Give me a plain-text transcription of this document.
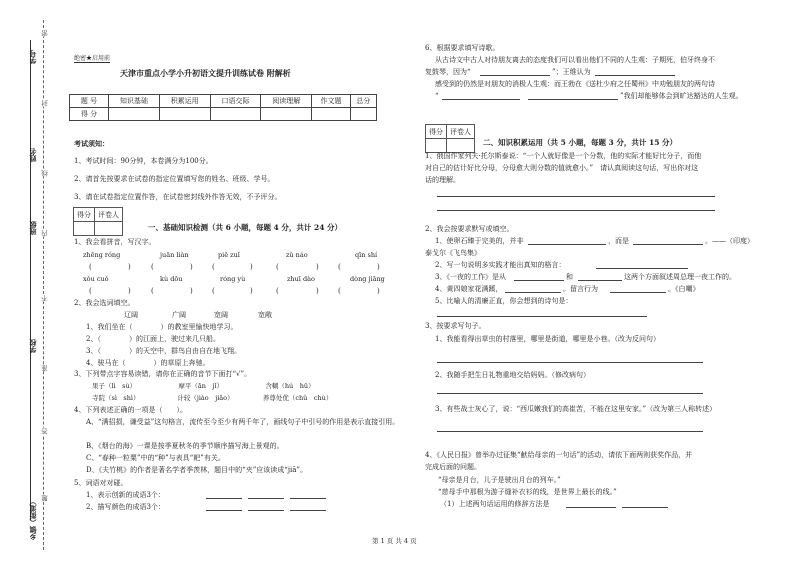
学号
姓名
班级
学校
乡镇（街道）
密
封
线
内
不
准
答
题
绝密★启用前
天津市重点小学小升初语文提升训练试卷 附解析
题 号	知识基础	积累运用	口语交际	阅读理解	作文题	总分
得 分						
考试须知：
1、考试时间：90分钟，本卷满分为100分。
2、请首先按要求在试卷的指定位置填写您的姓名、班级、学号。
3、请在试卷指定位置作答，在试卷密封线外作答无效，不予评分。
得分	评卷人

一、基础知识检测（共 6 小题，每题 4 分，共计 24 分）
1、我会看拼音，写汉字。
zhēng róng	juān liàn	piē zuǐ	zǔ náo	qīn shí
(	)	(	)	(	)	(	)	(	)
xǒu cuǒ	kù dōu	róng yù	zhuī dào	dòng jiāng
(	)	(	)	(	)	(	)	(	)
2、我会选词填空。
辽阔	广阔	宽阔	宽敞
1、我们坐在（　　　　）的教室里愉快地学习。
2、（　　　　）的江面上，驶过来几只船。
3、（　　　　）的天空中，群鸟自由自在地飞翔。
4、骏马在（　　　　）的草原上奔驰。
3、下列带点字容易读错，请你在正确的音节下面打“√”。
果子（lì　sù）　　　　　　　摩平（ān　jǐ）　　　　　　　含糊（hú　hū）
寺院（sì　shì）　　　　　　 计较（jiào　jiǎo）　　　　　养尊处优（chǔ　chù）
4、下列表述正确的一项是（　　）。
A、“满招损，谦受益”这句格言，流传至今至少有两千年了，画线句子中引号的作用是表示直接引用。
B、《烟台的海》一课是按季夏秋冬的季节顺序描写海上景观的。
C、“春种一粒粟”中的“种”与表具“耙”有关。
D、《夫竹桃》的作者是著名学者季羡林，题目中的“夹”应该读成“jiā”。
5、词语对对碰。
1、表示创新的成语3个：
2、描写颜色的成语3个：
6、根据要求填写诗歌。
从古诗文中古人对待朋友离去的态度我们可以看出他们不同的人生观：子期死，伯牙终身不
复鼓琴，因为“	”；王维认为
感受到的仍然是对朋友的消极人生观：而王勃在《送杜少府之任蜀州》中劝勉朋友的两句诗
“	”我们却能够体会到旷达豁达的人生观。
得分	评卷人

二、知识积累运用（共 5 小题，每题 3 分，共计 15 分）
1、俄国作家列夫·托尔斯泰说：“一个人就好像是一个分数，他的实际才能好比分子，而他
对自己的估计好比分母，分母愈大则分数的值就愈小。”　请认真阅读这句话，写出你对这
话的理解。
2、我会按要求默写或填空。
1、使卵石臻于完美的，并非	，而是	。——（印度）
泰戈尔《飞鸟集》
2、写一句说明多实践才能出真知的格言：
3、《一夜的工作》是从	和	这两个方面叙述周总理一夜工作的。
4、黄四娘家花满蹊，	。留言行为	。《白嘲》
5、比喻人的清廉正直，你会想到的诗句是：
3、按要求写句子。
1、我能看得出草虫的村落里，哪里是街道，哪里是小巷。（改为反问句）
2、我随手把生日礼物重地交给妈妈。（修改病句）
3、有些战士灰心了，说：“西瓜嫩我们的高崔苦，不能在这里安家。”（改为第三人称转述）
4、《人民日报》曾举办过征集“献给母亲的一句话”的活动，请依下面两则获奖作品，并
完成后面的问题。
“母亲是月台，儿子是驶出月台的列车。”
“慈母手中那根为游子缝补衣衫的线，是世界上最长的线。”
（1）上述两句话运用的修辞方法是
第 1 页 共 4 页
